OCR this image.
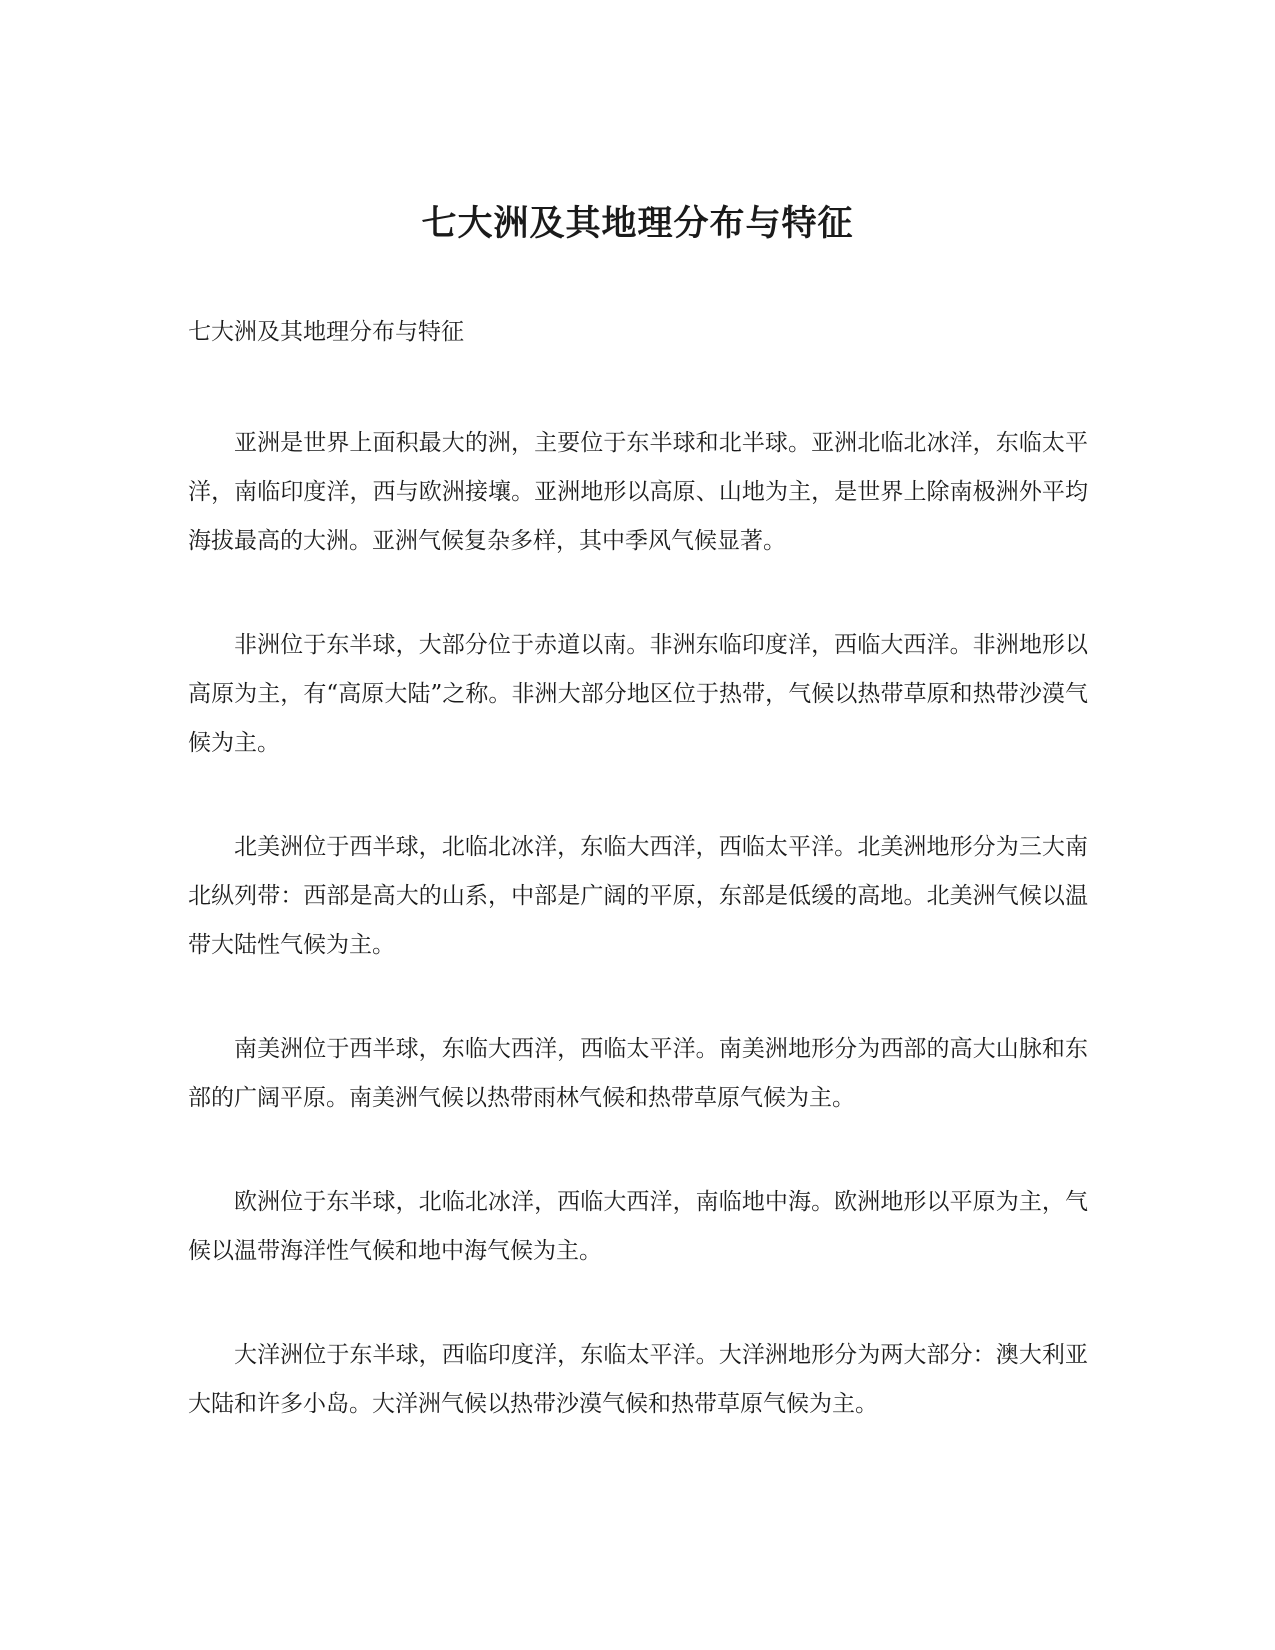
七大洲及其地理分布与特征

七大洲及其地理分布与特征

亚洲是世界上面积最大的洲，主要位于东半球和北半球。亚洲北临北冰洋，东临太平洋，南临印度洋，西与欧洲接壤。亚洲地形以高原、山地为主，是世界上除南极洲外平均海拔最高的大洲。亚洲气候复杂多样，其中季风气候显著。

非洲位于东半球，大部分位于赤道以南。非洲东临印度洋，西临大西洋。非洲地形以高原为主，有“高原大陆”之称。非洲大部分地区位于热带，气候以热带草原和热带沙漠气候为主。

北美洲位于西半球，北临北冰洋，东临大西洋，西临太平洋。北美洲地形分为三大南北纵列带：西部是高大的山系，中部是广阔的平原，东部是低缓的高地。北美洲气候以温带大陆性气候为主。

南美洲位于西半球，东临大西洋，西临太平洋。南美洲地形分为西部的高大山脉和东部的广阔平原。南美洲气候以热带雨林气候和热带草原气候为主。

欧洲位于东半球，北临北冰洋，西临大西洋，南临地中海。欧洲地形以平原为主，气候以温带海洋性气候和地中海气候为主。

大洋洲位于东半球，西临印度洋，东临太平洋。大洋洲地形分为两大部分：澳大利亚大陆和许多小岛。大洋洲气候以热带沙漠气候和热带草原气候为主。
